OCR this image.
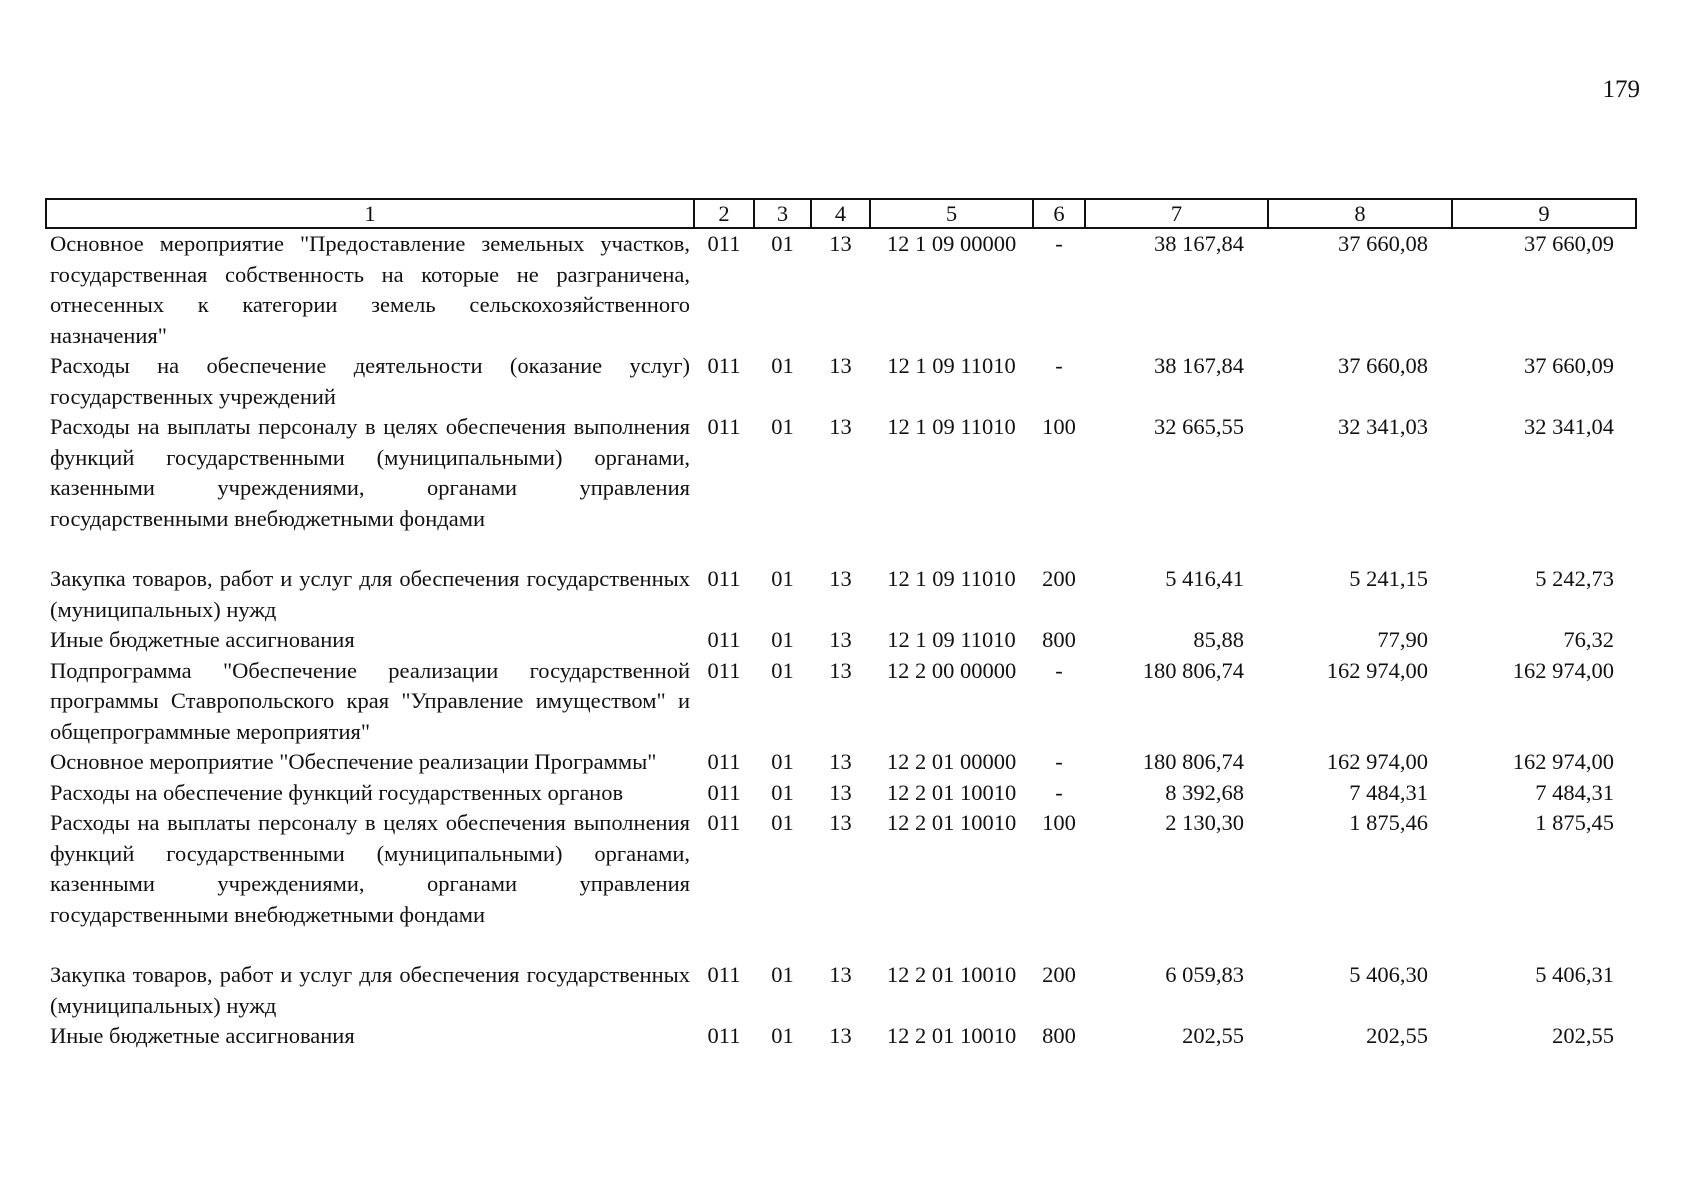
179
1	2	3	4	5	6	7	8	9
Основное мероприятие "Предоставление земельных участков, государственная собственность на которые не разграничена, отнесенных к категории земель сельскохозяйственного назначения"	011	01	13	12 1 09 00000	-	38 167,84	37 660,08	37 660,09
Расходы на обеспечение деятельности (оказание услуг) государственных учреждений	011	01	13	12 1 09 11010	-	38 167,84	37 660,08	37 660,09
Расходы на выплаты персоналу в целях обеспечения выполнения функций государственными (муниципальными) органами, казенными учреждениями, органами управления государственными внебюджетными фондами	011	01	13	12 1 09 11010	100	32 665,55	32 341,03	32 341,04
Закупка товаров, работ и услуг для обеспечения государственных (муниципальных) нужд	011	01	13	12 1 09 11010	200	5 416,41	5 241,15	5 242,73
Иные бюджетные ассигнования	011	01	13	12 1 09 11010	800	85,88	77,90	76,32
Подпрограмма "Обеспечение реализации государственной программы Ставропольского края "Управление имуществом" и общепрограммные мероприятия"	011	01	13	12 2 00 00000	-	180 806,74	162 974,00	162 974,00
Основное мероприятие "Обеспечение реализации Программы"	011	01	13	12 2 01 00000	-	180 806,74	162 974,00	162 974,00
Расходы на обеспечение функций государственных органов	011	01	13	12 2 01 10010	-	8 392,68	7 484,31	7 484,31
Расходы на выплаты персоналу в целях обеспечения выполнения функций государственными (муниципальными) органами, казенными учреждениями, органами управления государственными внебюджетными фондами	011	01	13	12 2 01 10010	100	2 130,30	1 875,46	1 875,45
Закупка товаров, работ и услуг для обеспечения государственных (муниципальных) нужд	011	01	13	12 2 01 10010	200	6 059,83	5 406,30	5 406,31
Иные бюджетные ассигнования	011	01	13	12 2 01 10010	800	202,55	202,55	202,55
